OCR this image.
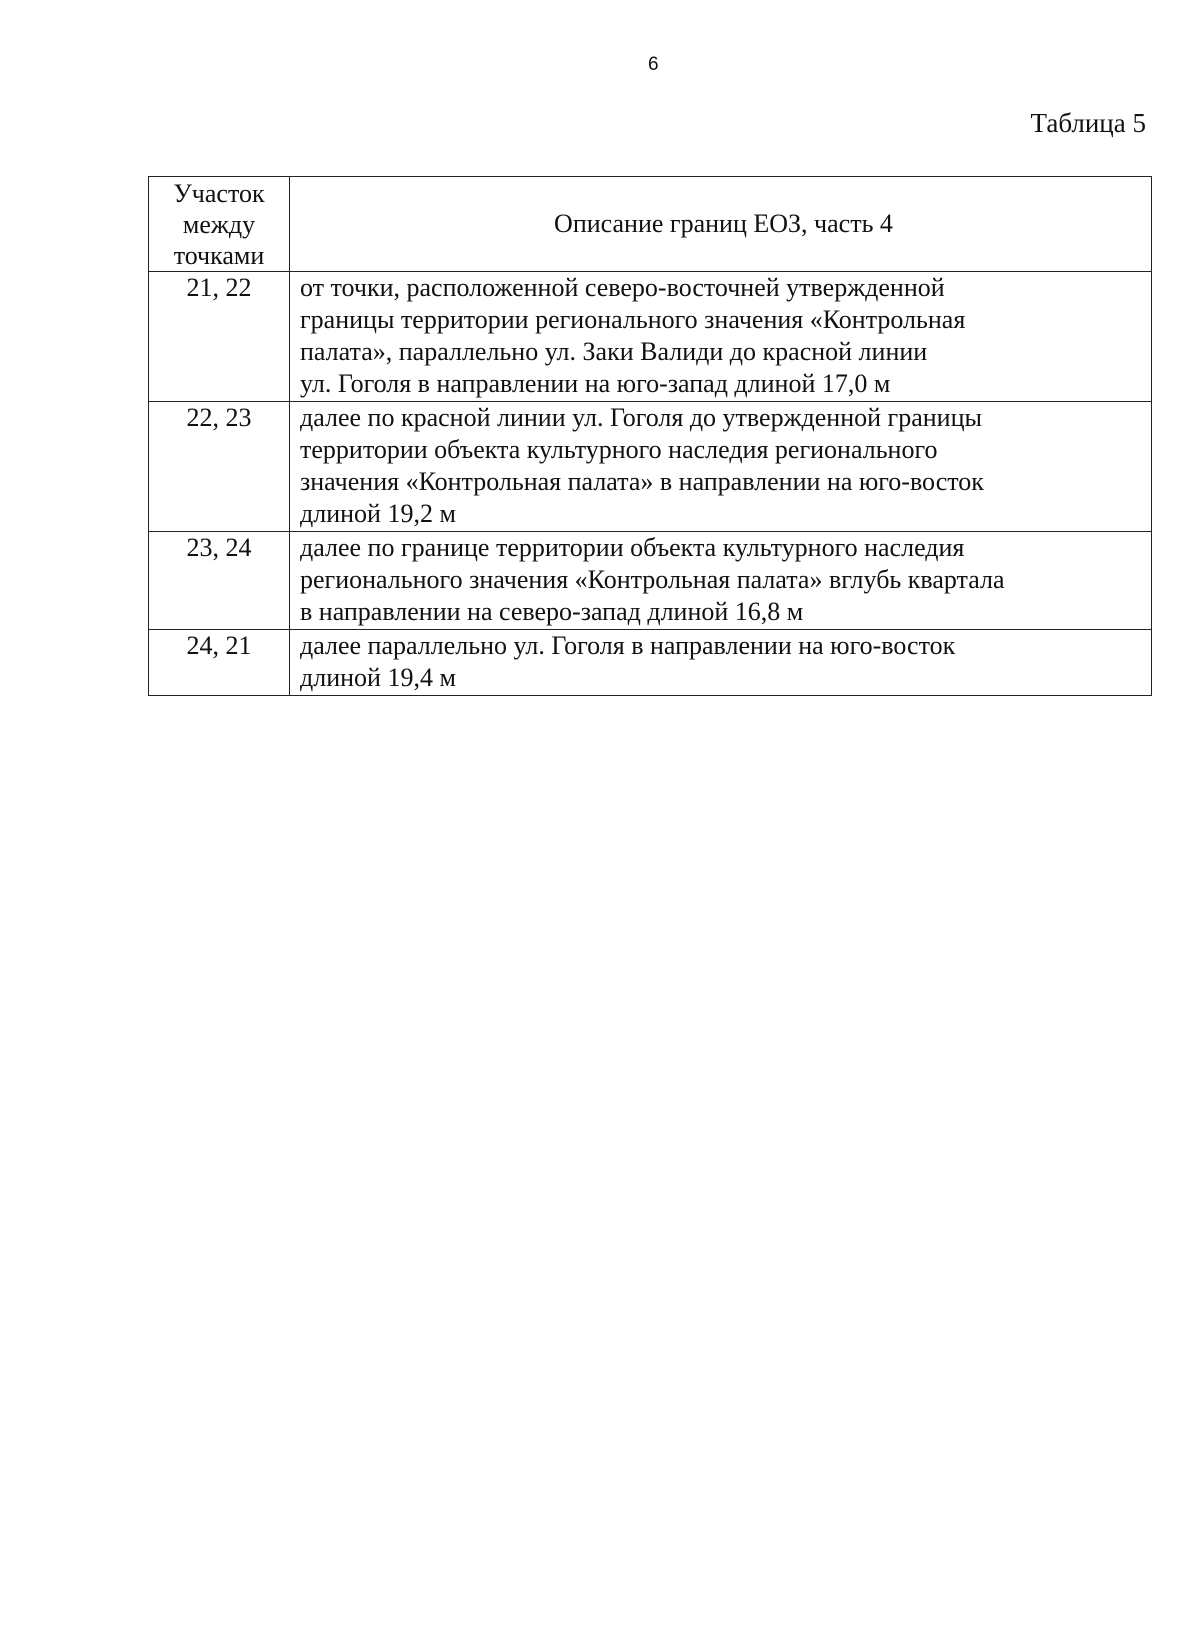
6
Таблица 5
Участок
между
точками	Описание границ ЕОЗ, часть 4
21, 22	от точки, расположенной северо-восточней утвержденной
границы территории регионального значения «Контрольная
палата», параллельно ул. Заки Валиди до красной линии
ул. Гоголя в направлении на юго-запад длиной 17,0 м

22, 23	далее по красной линии ул. Гоголя до утвержденной границы
территории объекта культурного наследия регионального
значения «Контрольная палата» в направлении на юго-восток
длиной 19,2 м

23, 24	далее по границе территории объекта культурного наследия
регионального значения «Контрольная палата» вглубь квартала
в направлении на северо-запад длиной 16,8 м

24, 21	далее параллельно ул. Гоголя в направлении на юго-восток
длиной 19,4 м
